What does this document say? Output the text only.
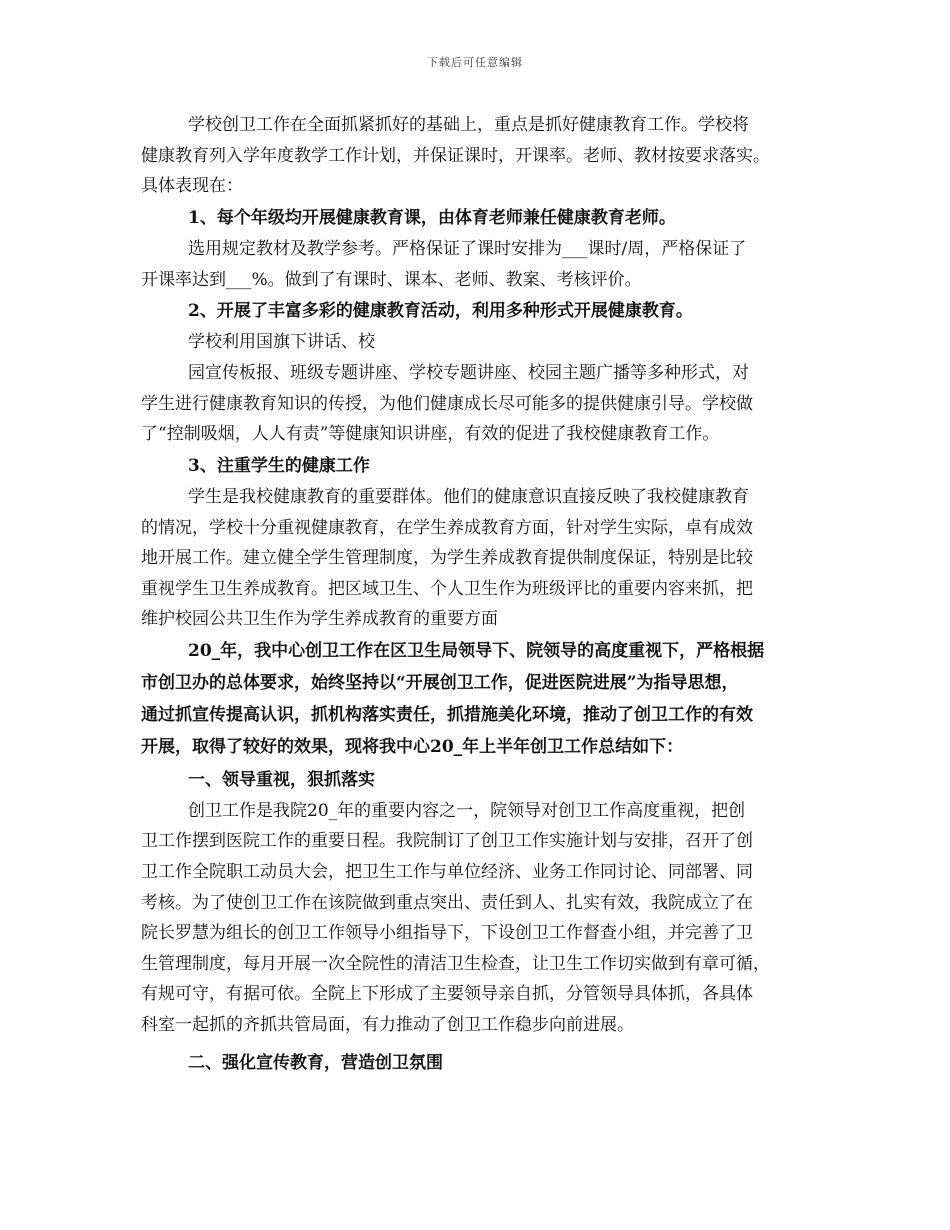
下载后可任意编辑
学校创卫工作在全面抓紧抓好的基础上，重点是抓好健康教育工作。学校将
健康教育列入学年度教学工作计划，并保证课时，开课率。老师、教材按要求落实。
具体表现在：
1、每个年级均开展健康教育课，由体育老师兼任健康教育老师。
选用规定教材及教学参考。严格保证了课时安排为___课时/周，严格保证了
开课率达到___%。做到了有课时、课本、老师、教案、考核评价。
2、开展了丰富多彩的健康教育活动，利用多种形式开展健康教育。
学校利用国旗下讲话、校
园宣传板报、班级专题讲座、学校专题讲座、校园主题广播等多种形式，对
学生进行健康教育知识的传授，为他们健康成长尽可能多的提供健康引导。学校做
了“控制吸烟，人人有责”等健康知识讲座，有效的促进了我校健康教育工作。
3、注重学生的健康工作
学生是我校健康教育的重要群体。他们的健康意识直接反映了我校健康教育
的情况，学校十分重视健康教育，在学生养成教育方面，针对学生实际，卓有成效
地开展工作。建立健全学生管理制度，为学生养成教育提供制度保证，特别是比较
重视学生卫生养成教育。把区域卫生、个人卫生作为班级评比的重要内容来抓，把
维护校园公共卫生作为学生养成教育的重要方面
20_年，我中心创卫工作在区卫生局领导下、院领导的高度重视下，严格根据
市创卫办的总体要求，始终坚持以“开展创卫工作，促进医院进展”为指导思想，
通过抓宣传提高认识，抓机构落实责任，抓措施美化环境，推动了创卫工作的有效
开展，取得了较好的效果，现将我中心20_年上半年创卫工作总结如下：
一、领导重视，狠抓落实
创卫工作是我院20_年的重要内容之一，院领导对创卫工作高度重视，把创
卫工作摆到医院工作的重要日程。我院制订了创卫工作实施计划与安排，召开了创
卫工作全院职工动员大会，把卫生工作与单位经济、业务工作同讨论、同部署、同
考核。为了使创卫工作在该院做到重点突出、责任到人、扎实有效，我院成立了在
院长罗慧为组长的创卫工作领导小组指导下，下设创卫工作督查小组，并完善了卫
生管理制度，每月开展一次全院性的清洁卫生检查，让卫生工作切实做到有章可循，
有规可守，有据可依。全院上下形成了主要领导亲自抓，分管领导具体抓，各具体
科室一起抓的齐抓共管局面，有力推动了创卫工作稳步向前进展。
二、强化宣传教育，营造创卫氛围
